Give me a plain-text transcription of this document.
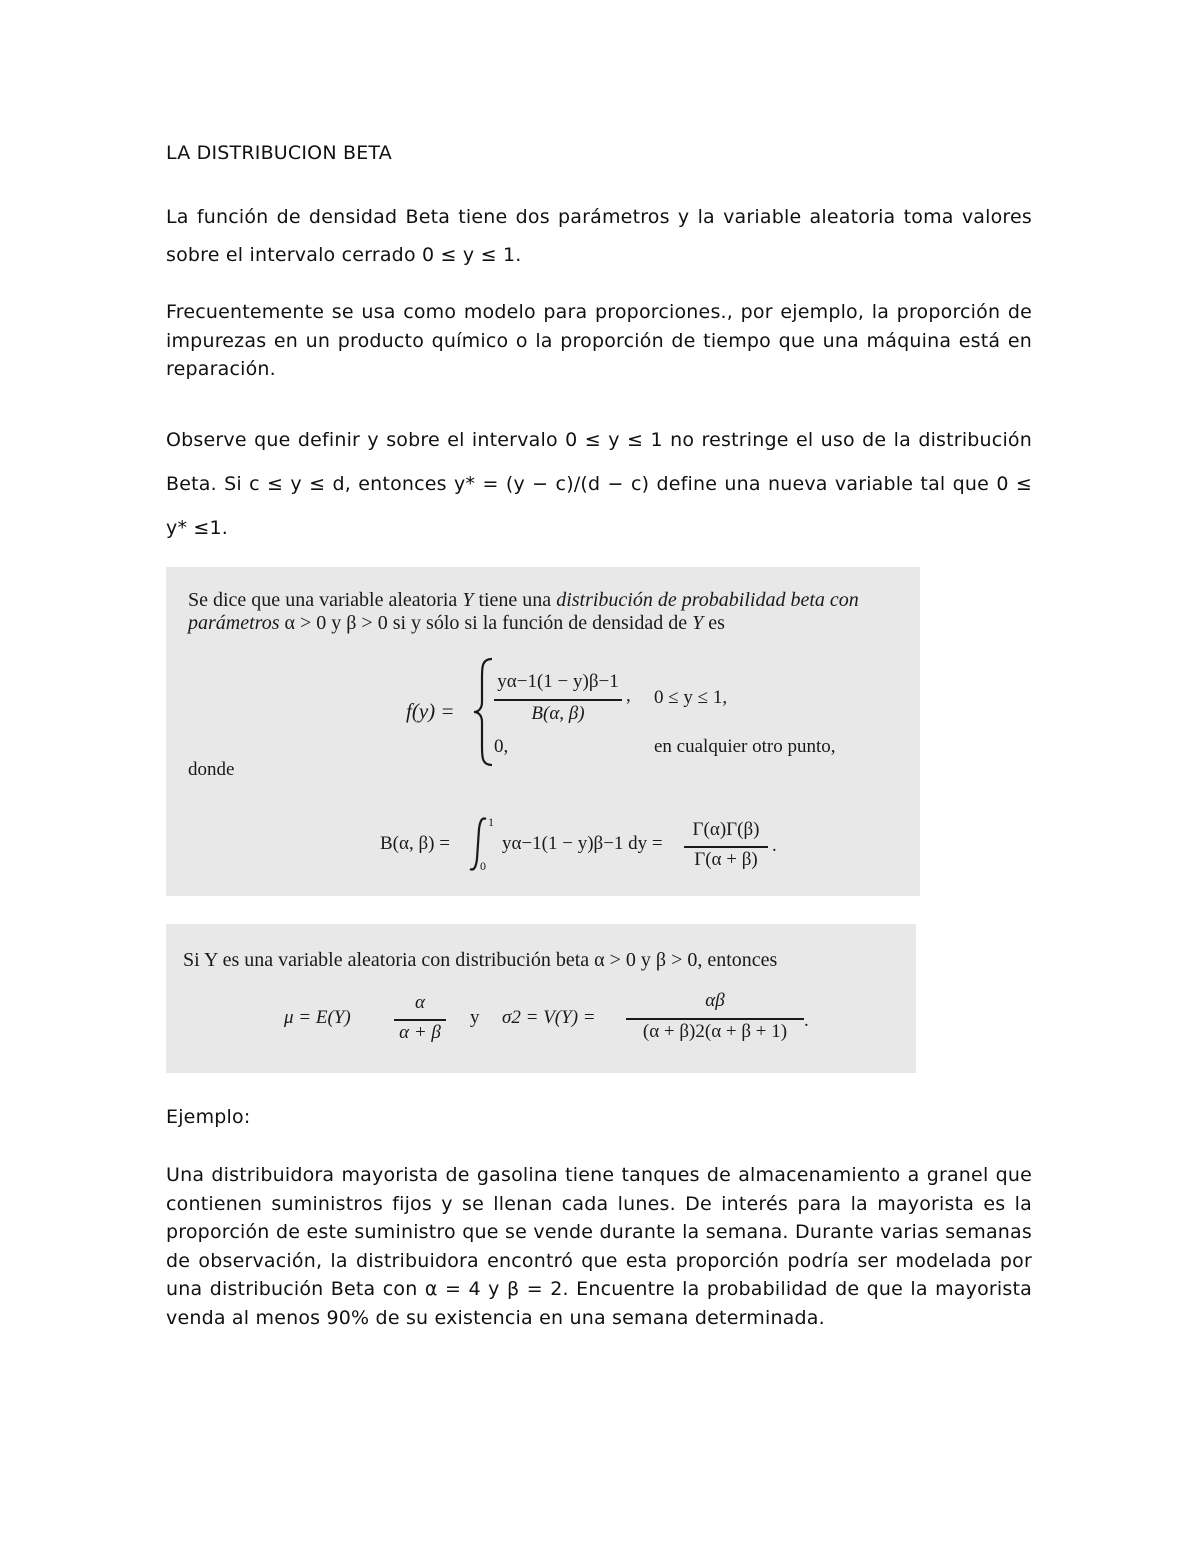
LA DISTRIBUCION BETA

La función de densidad Beta tiene dos parámetros y la variable aleatoria toma valores sobre el intervalo cerrado 0 ≤ y ≤ 1.

Frecuentemente se usa como modelo para proporciones., por ejemplo, la proporción de impurezas en un producto químico o la proporción de tiempo que una máquina está en reparación.

Observe que definir y sobre el intervalo 0 ≤ y ≤ 1 no restringe el uso de la distribución Beta. Si c ≤ y ≤ d, entonces y* = (y − c)/(d − c) define una nueva variable tal que 0 ≤ y* ≤1.

Se dice que una variable aleatoria Y tiene una distribución de probabilidad beta con
parámetros α > 0 y β > 0 si y sólo si la función de densidad de Y es
f(y) =
yα−1(1 − y)β−1
B(α, β)
, 0 ≤ y ≤ 1,
0,	en cualquier otro punto,
donde
B(α, β) =
1
0
yα−1(1 − y)β−1 dy =
Γ(α)Γ(β)
Γ(α + β)
.
Si Y es una variable aleatoria con distribución beta α > 0 y β > 0, entonces
μ = E(Y)
α
α + β
y σ2 = V(Y) =
αβ
(α + β)2(α + β + 1)
.
Ejemplo:

Una distribuidora mayorista de gasolina tiene tanques de almacenamiento a granel que contienen suministros fijos y se llenan cada lunes. De interés para la mayorista es la proporción de este suministro que se vende durante la semana. Durante varias semanas de observación, la distribuidora encontró que esta proporción podría ser modelada por una distribución Beta con α = 4 y β = 2. Encuentre la probabilidad de que la mayorista venda al menos 90% de su existencia en una semana determinada.
